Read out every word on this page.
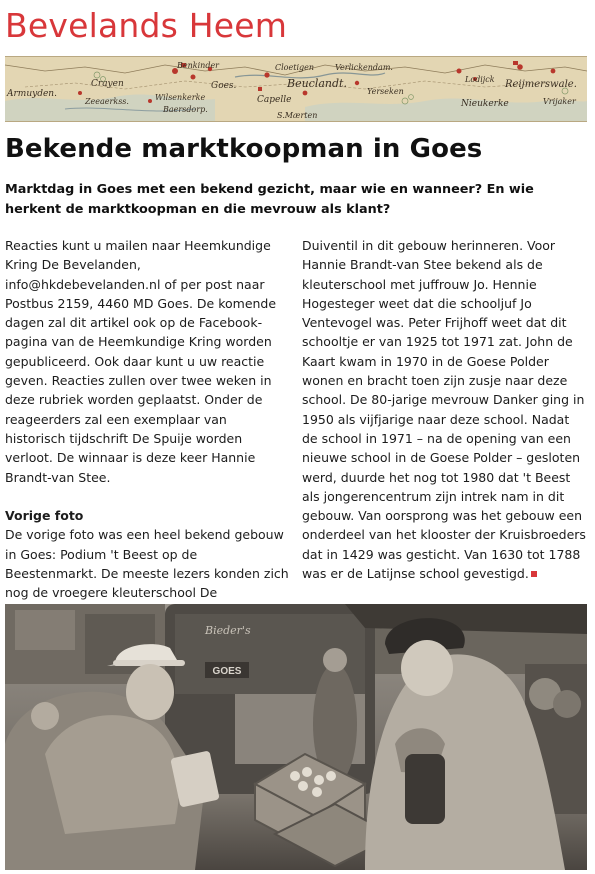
Bevelands Heem
Armuyden.
Crayen
Zeeaerkss.
Benkinder
Goes.
Wilsenkerke
Baersdorp.
Cloetigen	Verlickendam.
Beuclandt.
Capelle
S.Mærten
Yerseken
Lodijck Reijmerswale.
Nieukerke	Vrijaker
Bekende marktkoopman in Goes

Marktdag in Goes met een bekend gezicht, maar wie en wanneer? En wie herkent de marktkoopman en die mevrouw als klant?

Reacties kunt u mailen naar Heemkundige Kring De Bevelanden, info@hkdebevelanden.nl of per post naar Postbus 2159, 4460 MD Goes. De komende dagen zal dit artikel ook op de Facebook-pagina van de Heemkundige Kring worden gepubliceerd. Ook daar kunt u uw reactie geven. Reacties zullen over twee weken in deze rubriek worden geplaatst. Onder de reageerders zal een exemplaar van historisch tijdschrift De Spuije worden verloot. De winnaar is deze keer Hannie Brandt-van Stee.

Vorige foto

De vorige foto was een heel bekend gebouw in Goes: Podium 't Beest op de Beestenmarkt. De meeste lezers konden zich nog de vroegere kleuterschool De

Duiventil in dit gebouw herinneren. Voor Hannie Brandt-van Stee bekend als de kleuterschool met juffrouw Jo. Hennie Hogesteger weet dat die schooljuf Jo Ventevogel was. Peter Frijhoff weet dat dit schooltje er van 1925 tot 1971 zat. John de Kaart kwam in 1970 in de Goese Polder wonen en bracht toen zijn zusje naar deze school. De 80-jarige mevrouw Danker ging in 1950 als vijfjarige naar deze school. Nadat de school in 1971 – na de opening van een nieuwe school in de Goese Polder – gesloten werd, duurde het nog tot 1980 dat 't Beest als jongerencentrum zijn intrek nam in dit gebouw. Van oorsprong was het gebouw een onderdeel van het klooster der Kruisbroeders dat in 1429 was gesticht. Van 1630 tot 1788 was er de Latijnse school gevestigd.

GOES
Bieder's
